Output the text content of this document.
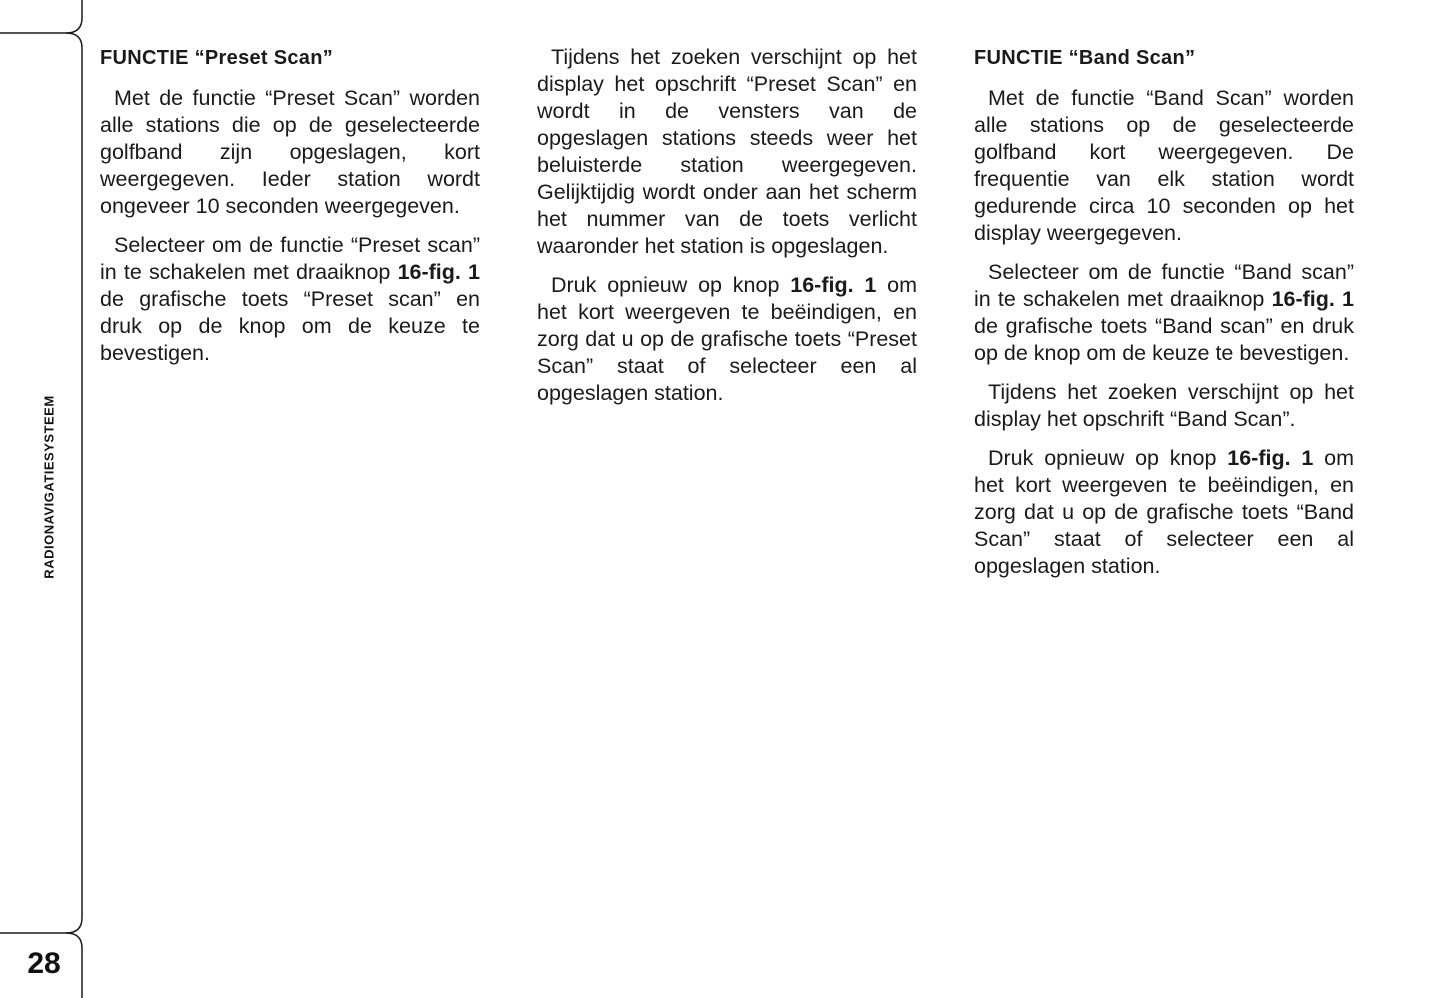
RADIONAVIGATIESYSTEEM
28
FUNCTIE “Preset Scan”

Met de functie “Preset Scan” worden alle stations die op de geselecteerde golfband zijn opgeslagen, kort weergegeven. Ieder station wordt ongeveer 10 seconden weergegeven.

Selecteer om de functie “Preset scan” in te schakelen met draaiknop 16-fig. 1 de grafische toets “Preset scan” en druk op de knop om de keuze te bevestigen.

Tijdens het zoeken verschijnt op het display het opschrift “Preset Scan” en wordt in de vensters van de opgeslagen stations steeds weer het beluisterde station weergegeven. Gelijktijdig wordt onder aan het scherm het nummer van de toets verlicht waaronder het station is opgeslagen.

Druk opnieuw op knop 16-fig. 1 om het kort weergeven te beëindigen, en zorg dat u op de grafische toets “Preset Scan” staat of selecteer een al opgeslagen station.

FUNCTIE “Band Scan”

Met de functie “Band Scan” worden alle stations op de geselecteerde golfband kort weergegeven. De frequentie van elk station wordt gedurende circa 10 seconden op het display weergegeven.

Selecteer om de functie “Band scan” in te schakelen met draaiknop 16-fig. 1 de grafische toets “Band scan” en druk op de knop om de keuze te bevestigen.

Tijdens het zoeken verschijnt op het display het opschrift “Band Scan”.

Druk opnieuw op knop 16-fig. 1 om het kort weergeven te beëindigen, en zorg dat u op de grafische toets “Band Scan” staat of selecteer een al opgeslagen station.
